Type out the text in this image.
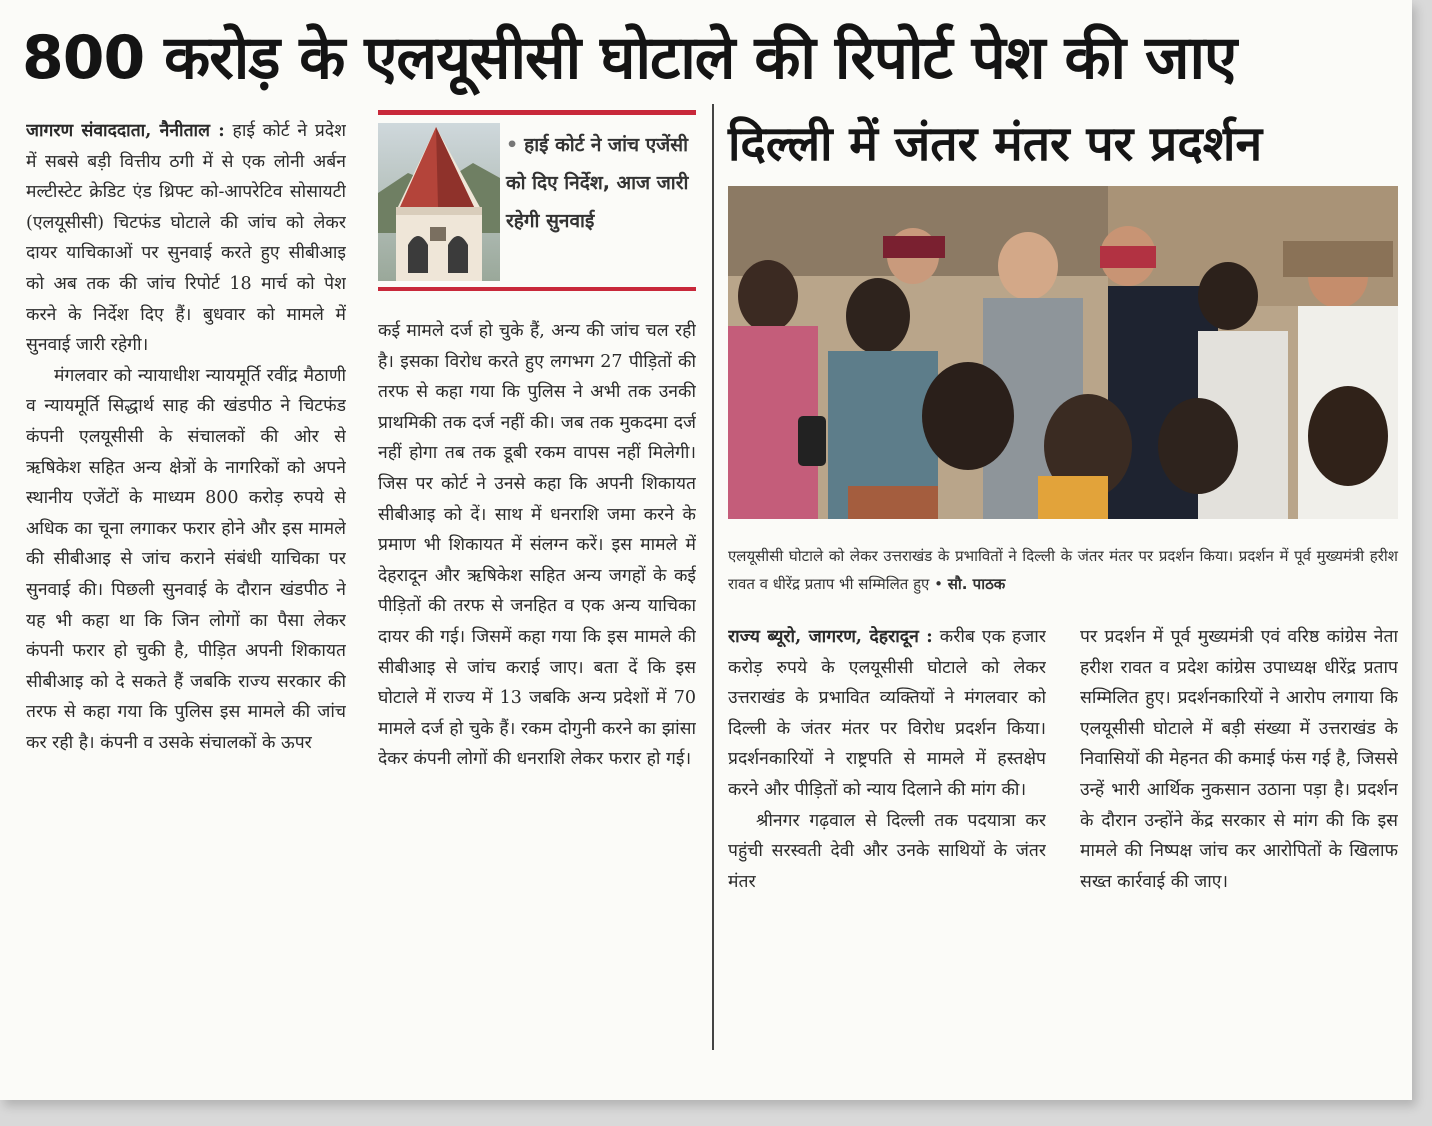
800 करोड़ के एलयूसीसी घोटाले की रिपोर्ट पेश की जाए

जागरण संवाददाता, नैनीताल : हाई कोर्ट ने प्रदेश में सबसे बड़ी वित्तीय ठगी में से एक लोनी अर्बन मल्टीस्टेट क्रेडिट एंड थ्रिफ्ट को-आपरेटिव सोसायटी (एलयूसीसी) चिटफंड घोटाले की जांच को लेकर दायर याचिकाओं पर सुनवाई करते हुए सीबीआइ को अब तक की जांच रिपोर्ट 18 मार्च को पेश करने के निर्देश दिए हैं। बुधवार को मामले में सुनवाई जारी रहेगी।

मंगलवार को न्यायाधीश न्यायमूर्ति रवींद्र मैठाणी व न्यायमूर्ति सिद्धार्थ साह की खंडपीठ ने चिटफंड कंपनी एलयूसीसी के संचालकों की ओर से ऋषिकेश सहित अन्य क्षेत्रों के नागरिकों को अपने स्थानीय एजेंटों के माध्यम 800 करोड़ रुपये से अधिक का चूना लगाकर फरार होने और इस मामले की सीबीआइ से जांच कराने संबंधी याचिका पर सुनवाई की। पिछली सुनवाई के दौरान खंडपीठ ने यह भी कहा था कि जिन लोगों का पैसा लेकर कंपनी फरार हो चुकी है, पीड़ित अपनी शिकायत सीबीआइ को दे सकते हैं जबकि राज्य सरकार की तरफ से कहा गया कि पुलिस इस मामले की जांच कर रही है। कंपनी व उसके संचालकों के ऊपर

• हाई कोर्ट ने जांच एजेंसी को दिए निर्देश, आज जारी रहेगी सुनवाई

कई मामले दर्ज हो चुके हैं, अन्य की जांच चल रही है। इसका विरोध करते हुए लगभग 27 पीड़ितों की तरफ से कहा गया कि पुलिस ने अभी तक उनकी प्राथमिकी तक दर्ज नहीं की। जब तक मुकदमा दर्ज नहीं होगा तब तक डूबी रकम वापस नहीं मिलेगी। जिस पर कोर्ट ने उनसे कहा कि अपनी शिकायत सीबीआइ को दें। साथ में धनराशि जमा करने के प्रमाण भी शिकायत में संलग्न करें। इस मामले में देहरादून और ऋषिकेश सहित अन्य जगहों के कई पीड़ितों की तरफ से जनहित व एक अन्य याचिका दायर की गई। जिसमें कहा गया कि इस मामले की सीबीआइ से जांच कराई जाए। बता दें कि इस घोटाले में राज्य में 13 जबकि अन्य प्रदेशों में 70 मामले दर्ज हो चुके हैं। रकम दोगुनी करने का झांसा देकर कंपनी लोगों की धनराशि लेकर फरार हो गई।

दिल्ली में जंतर मंतर पर प्रदर्शन
एलयूसीसी घोटाले को लेकर उत्तराखंड के प्रभावितों ने दिल्ली के जंतर मंतर पर प्रदर्शन किया। प्रदर्शन में पूर्व मुख्यमंत्री हरीश रावत व धीरेंद्र प्रताप भी सम्मिलित हुए • सौ. पाठक

राज्य ब्यूरो, जागरण, देहरादून : करीब एक हजार करोड़ रुपये के एलयूसीसी घोटाले को लेकर उत्तराखंड के प्रभावित व्यक्तियों ने मंगलवार को दिल्ली के जंतर मंतर पर विरोध प्रदर्शन किया। प्रदर्शनकारियों ने राष्ट्रपति से मामले में हस्तक्षेप करने और पीड़ितों को न्याय दिलाने की मांग की।

श्रीनगर गढ़वाल से दिल्ली तक पदयात्रा कर पहुंची सरस्वती देवी और उनके साथियों के जंतर मंतर

पर प्रदर्शन में पूर्व मुख्यमंत्री एवं वरिष्ठ कांग्रेस नेता हरीश रावत व प्रदेश कांग्रेस उपाध्यक्ष धीरेंद्र प्रताप सम्मिलित हुए। प्रदर्शनकारियों ने आरोप लगाया कि एलयूसीसी घोटाले में बड़ी संख्या में उत्तराखंड के निवासियों की मेहनत की कमाई फंस गई है, जिससे उन्हें भारी आर्थिक नुकसान उठाना पड़ा है। प्रदर्शन के दौरान उन्होंने केंद्र सरकार से मांग की कि इस मामले की निष्पक्ष जांच कर आरोपितों के खिलाफ सख्त कार्रवाई की जाए।
